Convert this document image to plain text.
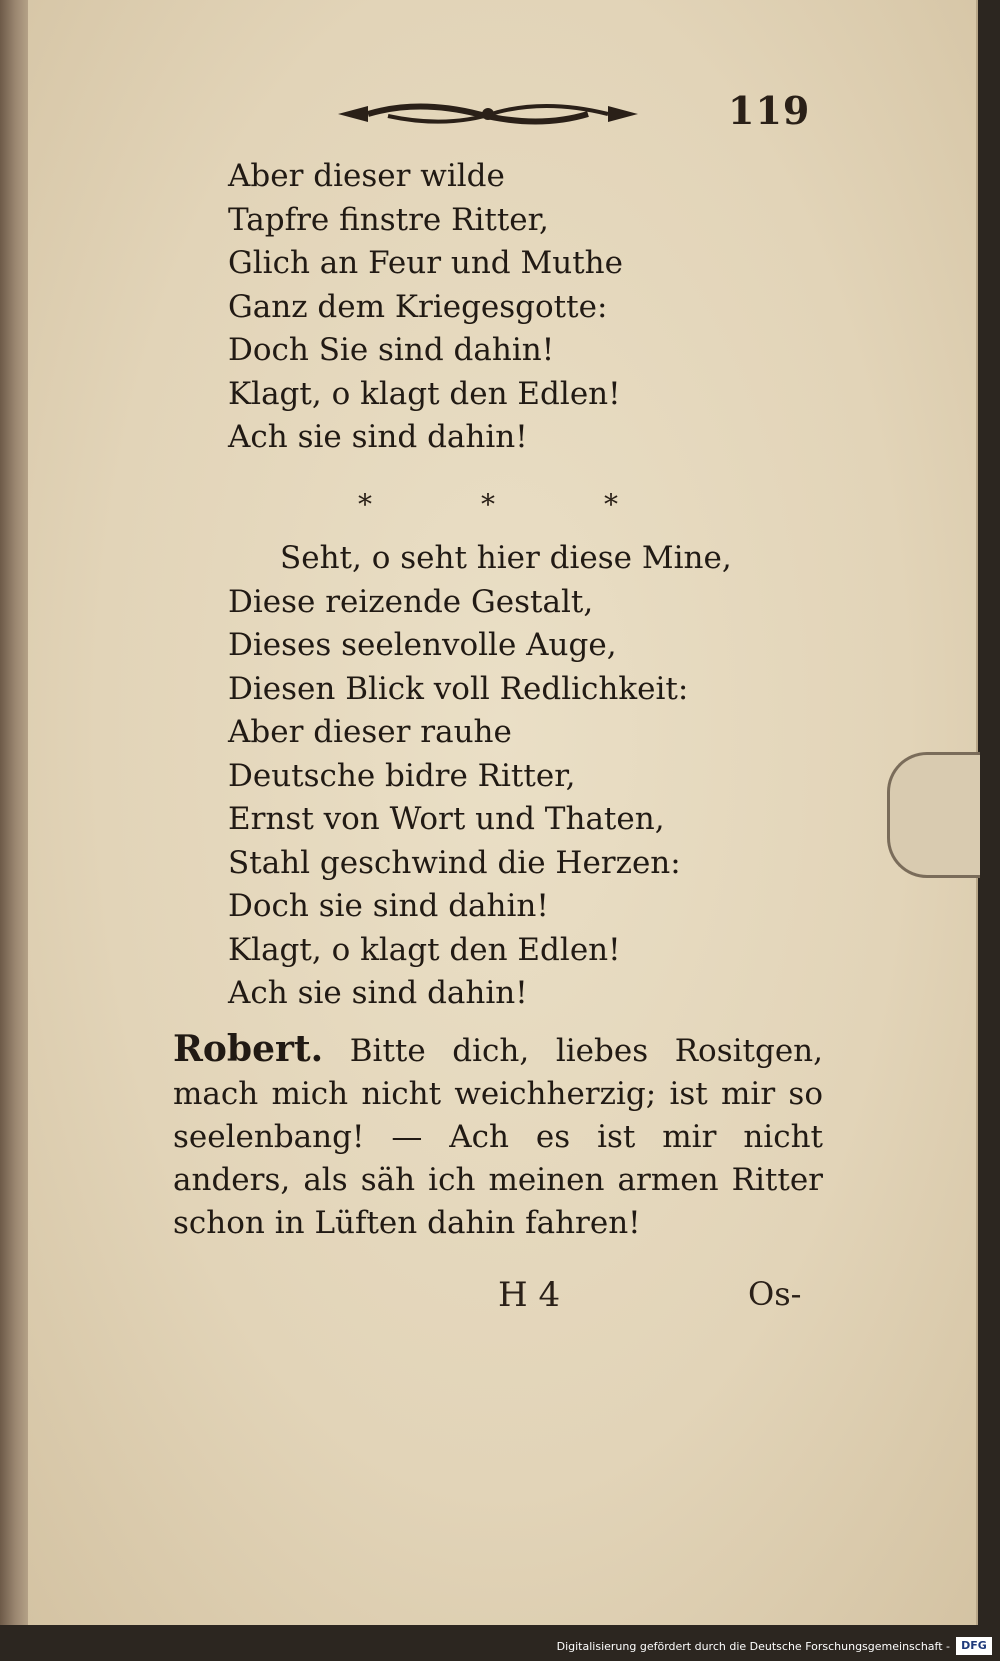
119
Aber dieser wilde
Tapfre finstre Ritter,
Glich an Feur und Muthe
Ganz dem Kriegesgotte:
Doch Sie sind dahin!
Klagt, o klagt den Edlen!
Ach sie sind dahin!
*	*	*
Seht, o seht hier diese Mine,
Diese reizende Gestalt,
Dieses seelenvolle Auge,
Diesen Blick voll Redlichkeit:
Aber dieser rauhe
Deutsche bidre Ritter,
Ernst von Wort und Thaten,
Stahl geschwind die Herzen:
Doch sie sind dahin!
Klagt, o klagt den Edlen!
Ach sie sind dahin!
Robert. Bitte dich, liebes Rositgen, mach mich nicht weichherzig; ist mir so seelenbang! — Ach es ist mir nicht anders, als säh ich meinen armen Ritter schon in Lüften dahin fahren!
H 4	Os-
Digitalisierung gefördert durch die Deutsche Forschungsgemeinschaft -	DFG
